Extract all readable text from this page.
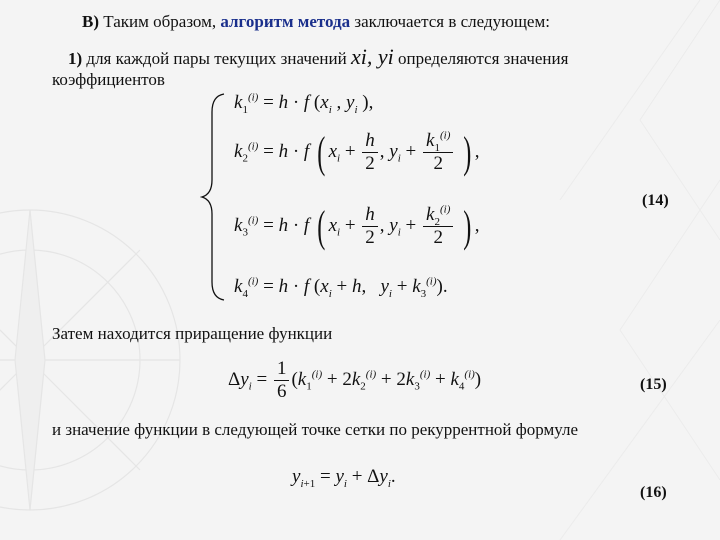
В) Таким образом, алгоритм метода заключается в следующем:
1) для каждой пары текущих значений xi, yi определяются значения
коэффициентов
$k_1^{(i)} = h \cdot f$ ($x_i$ , $y_i$ ),
$k_2^{(i)} = h \cdot f$ ( $x_i + \frac{h}{2}$ , $y_i + \frac{k_1^{(i)}}{2}$ ) ,
$k_3^{(i)} = h \cdot f$ ( $x_i + \frac{h}{2}$ , $y_i + \frac{k_2^{(i)}}{2}$ ) ,
$k_4^{(i)} = h \cdot f$ ($x_i + h$,   $y_i + k_3^{(i)}$).
(14)
Затем находится приращение функции
$\Delta y_i = \frac{1}{6} (k_1^{(i)} + 2k_2^{(i)} + 2k_3^{(i)} + k_4^{(i)})$	(15)
и значение функции в следующей точке сетки по рекуррентной формуле
$y_{i+1} = y_i + \Delta y_i$.
(16)
